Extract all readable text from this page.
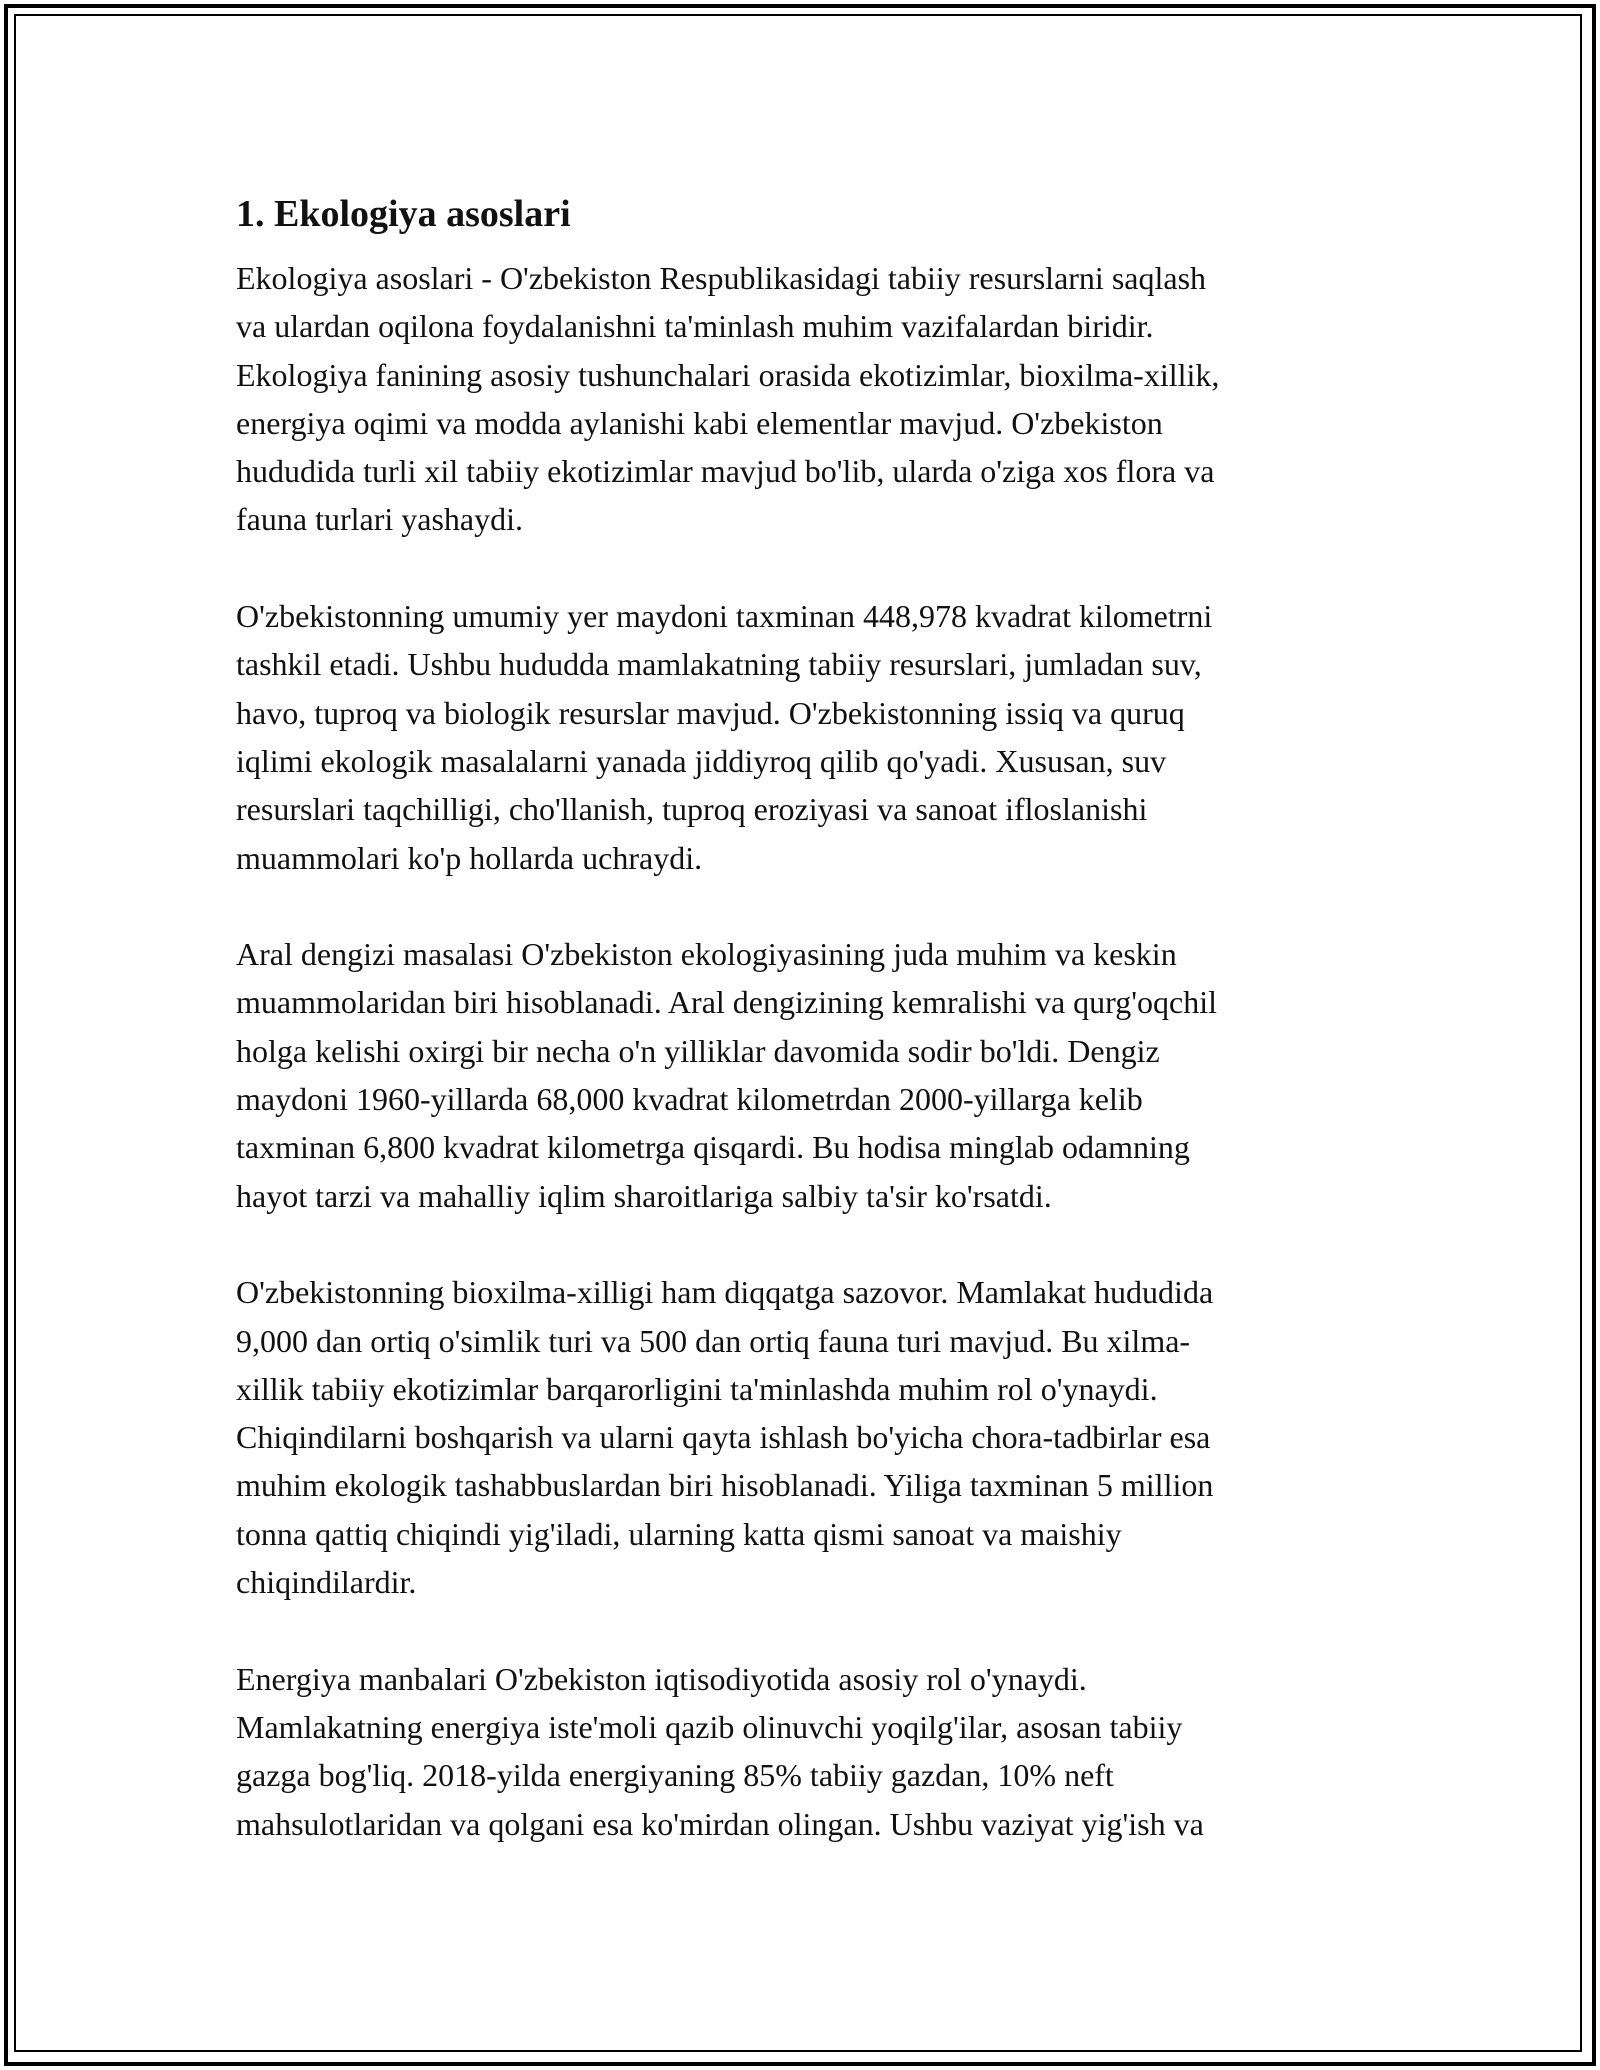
1. Ekologiya asoslari
Ekologiya asoslari - O'zbekiston Respublikasidagi tabiiy resurslarni saqlash
va ulardan oqilona foydalanishni ta'minlash muhim vazifalardan biridir.
Ekologiya fanining asosiy tushunchalari orasida ekotizimlar, bioxilma-xillik,
energiya oqimi va modda aylanishi kabi elementlar mavjud. O'zbekiston
hududida turli xil tabiiy ekotizimlar mavjud bo'lib, ularda o'ziga xos flora va
fauna turlari yashaydi.
O'zbekistonning umumiy yer maydoni taxminan 448,978 kvadrat kilometrni
tashkil etadi. Ushbu hududda mamlakatning tabiiy resurslari, jumladan suv,
havo, tuproq va biologik resurslar mavjud. O'zbekistonning issiq va quruq
iqlimi ekologik masalalarni yanada jiddiyroq qilib qo'yadi. Xususan, suv
resurslari taqchilligi, cho'llanish, tuproq eroziyasi va sanoat ifloslanishi
muammolari ko'p hollarda uchraydi.
Aral dengizi masalasi O'zbekiston ekologiyasining juda muhim va keskin
muammolaridan biri hisoblanadi. Aral dengizining kemralishi va qurg'oqchil
holga kelishi oxirgi bir necha o'n yilliklar davomida sodir bo'ldi. Dengiz
maydoni 1960-yillarda 68,000 kvadrat kilometrdan 2000-yillarga kelib
taxminan 6,800 kvadrat kilometrga qisqardi. Bu hodisa minglab odamning
hayot tarzi va mahalliy iqlim sharoitlariga salbiy ta'sir ko'rsatdi.
O'zbekistonning bioxilma-xilligi ham diqqatga sazovor. Mamlakat hududida
9,000 dan ortiq o'simlik turi va 500 dan ortiq fauna turi mavjud. Bu xilma-
xillik tabiiy ekotizimlar barqarorligini ta'minlashda muhim rol o'ynaydi.
Chiqindilarni boshqarish va ularni qayta ishlash bo'yicha chora-tadbirlar esa
muhim ekologik tashabbuslardan biri hisoblanadi. Yiliga taxminan 5 million
tonna qattiq chiqindi yig'iladi, ularning katta qismi sanoat va maishiy
chiqindilardir.
Energiya manbalari O'zbekiston iqtisodiyotida asosiy rol o'ynaydi.
Mamlakatning energiya iste'moli qazib olinuvchi yoqilg'ilar, asosan tabiiy
gazga bog'liq. 2018-yilda energiyaning 85% tabiiy gazdan, 10% neft
mahsulotlaridan va qolgani esa ko'mirdan olingan. Ushbu vaziyat yig'ish va
